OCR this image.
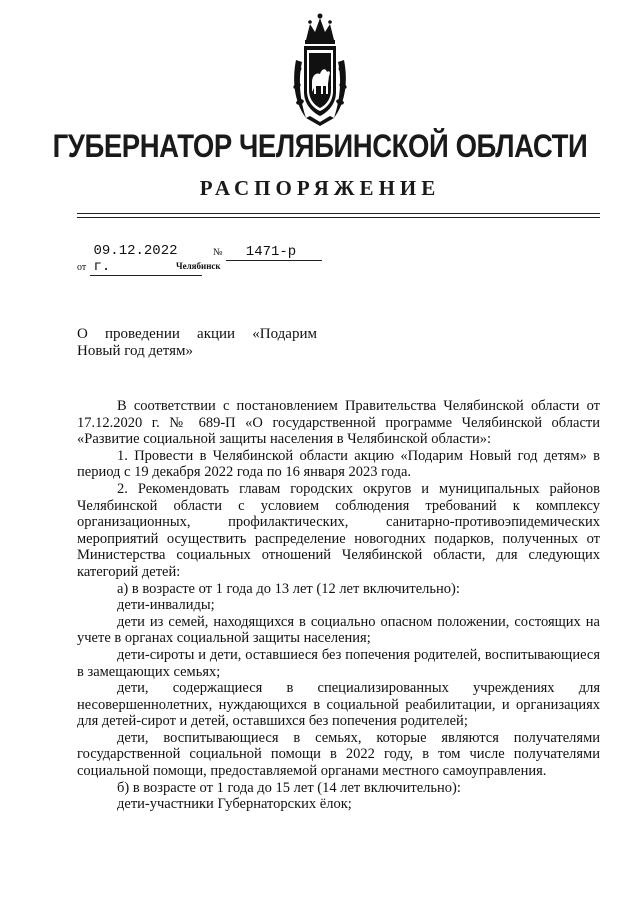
ГУБЕРНАТОР ЧЕЛЯБИНСКОЙ ОБЛАСТИ
РАСПОРЯЖЕНИЕ
от 09.12.2022 г.
№ 1471-р
Челябинск
О проведении акции «Подарим
Новый год детям»

В соответствии с постановлением Правительства Челябинской области от 17.12.2020 г. № 689-П «О государственной программе Челябинской области «Развитие социальной защиты населения в Челябинской области»:

1. Провести в Челябинской области акцию «Подарим Новый год детям» в период с 19 декабря 2022 года по 16 января 2023 года.

2. Рекомендовать главам городских округов и муниципальных районов Челябинской области с условием соблюдения требований к комплексу организационных, профилактических, санитарно-противоэпидемических мероприятий осуществить распределение новогодних подарков, полученных от Министерства социальных отношений Челябинской области, для следующих категорий детей:

а) в возрасте от 1 года до 13 лет (12 лет включительно):

дети-инвалиды;

дети из семей, находящихся в социально опасном положении, состоящих на учете в органах социальной защиты населения;

дети-сироты и дети, оставшиеся без попечения родителей, воспитывающиеся в замещающих семьях;

дети, содержащиеся в специализированных учреждениях для несовершеннолетних, нуждающихся в социальной реабилитации, и организациях для детей-сирот и детей, оставшихся без попечения родителей;

дети, воспитывающиеся в семьях, которые являются получателями государственной социальной помощи в 2022 году, в том числе получателями социальной помощи, предоставляемой органами местного самоуправления.

б) в возрасте от 1 года до 15 лет (14 лет включительно):

дети-участники Губернаторских ёлок;
